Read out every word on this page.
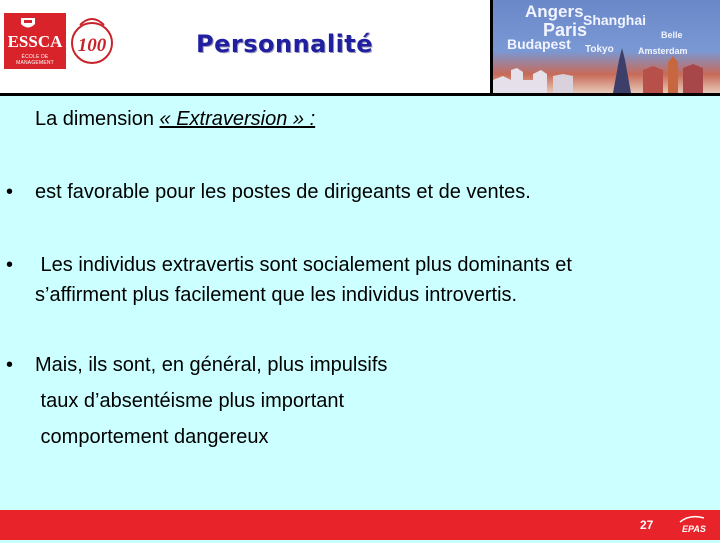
ESSCA
ÉCOLE DE MANAGEMENT
100	Personnalité
Angers Shanghai
Paris
Budapest Tokyo	Amsterdam
Belle
La dimension « Extraversion » :
• est favorable pour les postes de dirigeants et de ventes.
• Les individus extravertis sont socialement plus dominants et
s’affirment plus facilement que les individus introvertis.
• Mais, ils sont, en général, plus impulsifs
taux d’absentéisme plus important
comportement dangereux
27	EPAS
